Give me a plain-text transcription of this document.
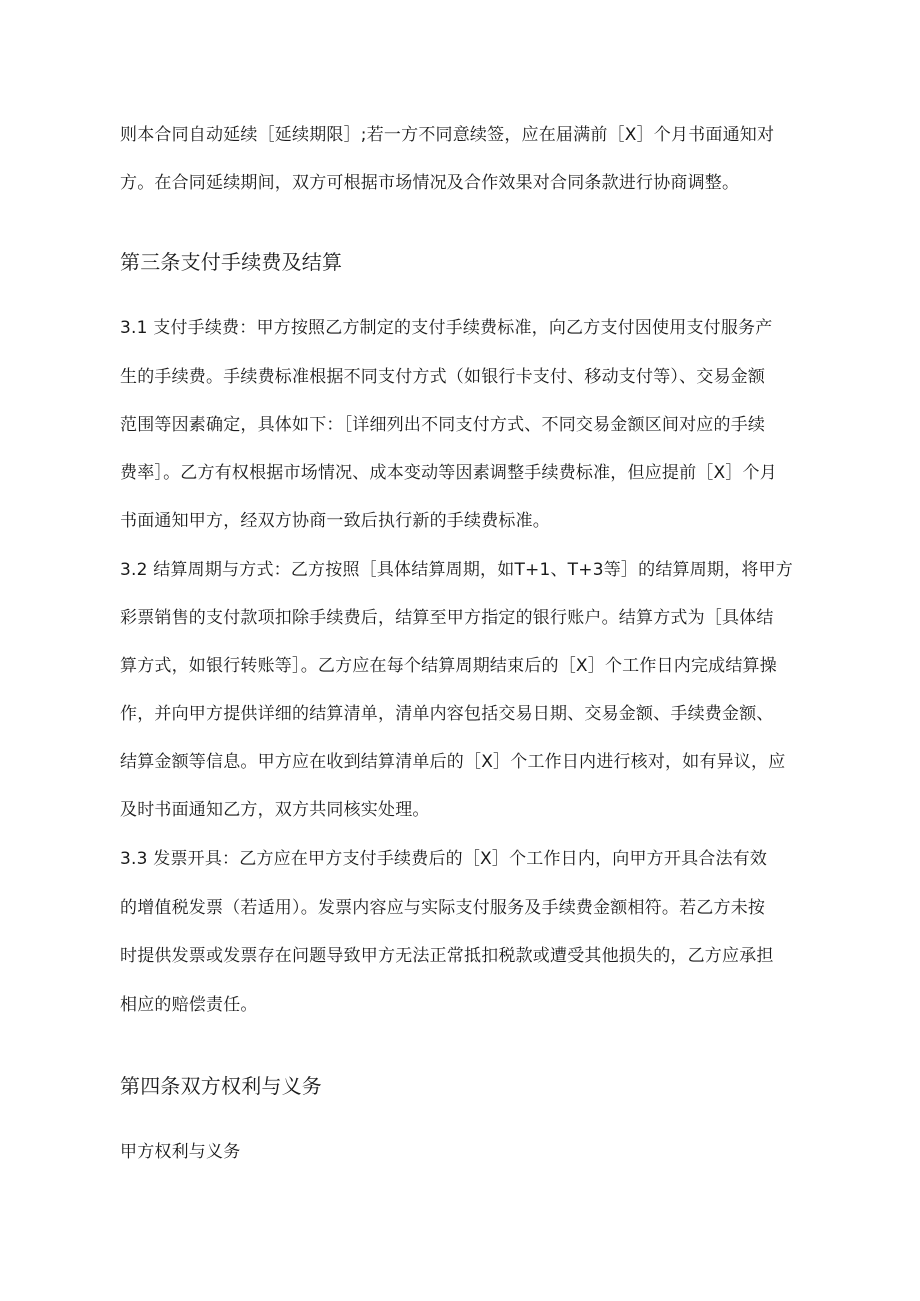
则本合同自动延续［延续期限］;若一方不同意续签，应在届满前［X］个月书面通知对
方。在合同延续期间，双方可根据市场情况及合作效果对合同条款进行协商调整。
第三条支付手续费及结算
3.1 支付手续费：甲方按照乙方制定的支付手续费标准，向乙方支付因使用支付服务产
生的手续费。手续费标准根据不同支付方式（如银行卡支付、移动支付等）、交易金额
范围等因素确定，具体如下：［详细列出不同支付方式、不同交易金额区间对应的手续
费率］。乙方有权根据市场情况、成本变动等因素调整手续费标准，但应提前［X］个月
书面通知甲方，经双方协商一致后执行新的手续费标准。
3.2 结算周期与方式：乙方按照［具体结算周期，如T+1、T+3等］的结算周期，将甲方
彩票销售的支付款项扣除手续费后，结算至甲方指定的银行账户。结算方式为［具体结
算方式，如银行转账等］。乙方应在每个结算周期结束后的［X］个工作日内完成结算操
作，并向甲方提供详细的结算清单，清单内容包括交易日期、交易金额、手续费金额、
结算金额等信息。甲方应在收到结算清单后的［X］个工作日内进行核对，如有异议，应
及时书面通知乙方，双方共同核实处理。
3.3 发票开具：乙方应在甲方支付手续费后的［X］个工作日内，向甲方开具合法有效
的增值税发票（若适用）。发票内容应与实际支付服务及手续费金额相符。若乙方未按
时提供发票或发票存在问题导致甲方无法正常抵扣税款或遭受其他损失的，乙方应承担
相应的赔偿责任。
第四条双方权利与义务
甲方权利与义务
